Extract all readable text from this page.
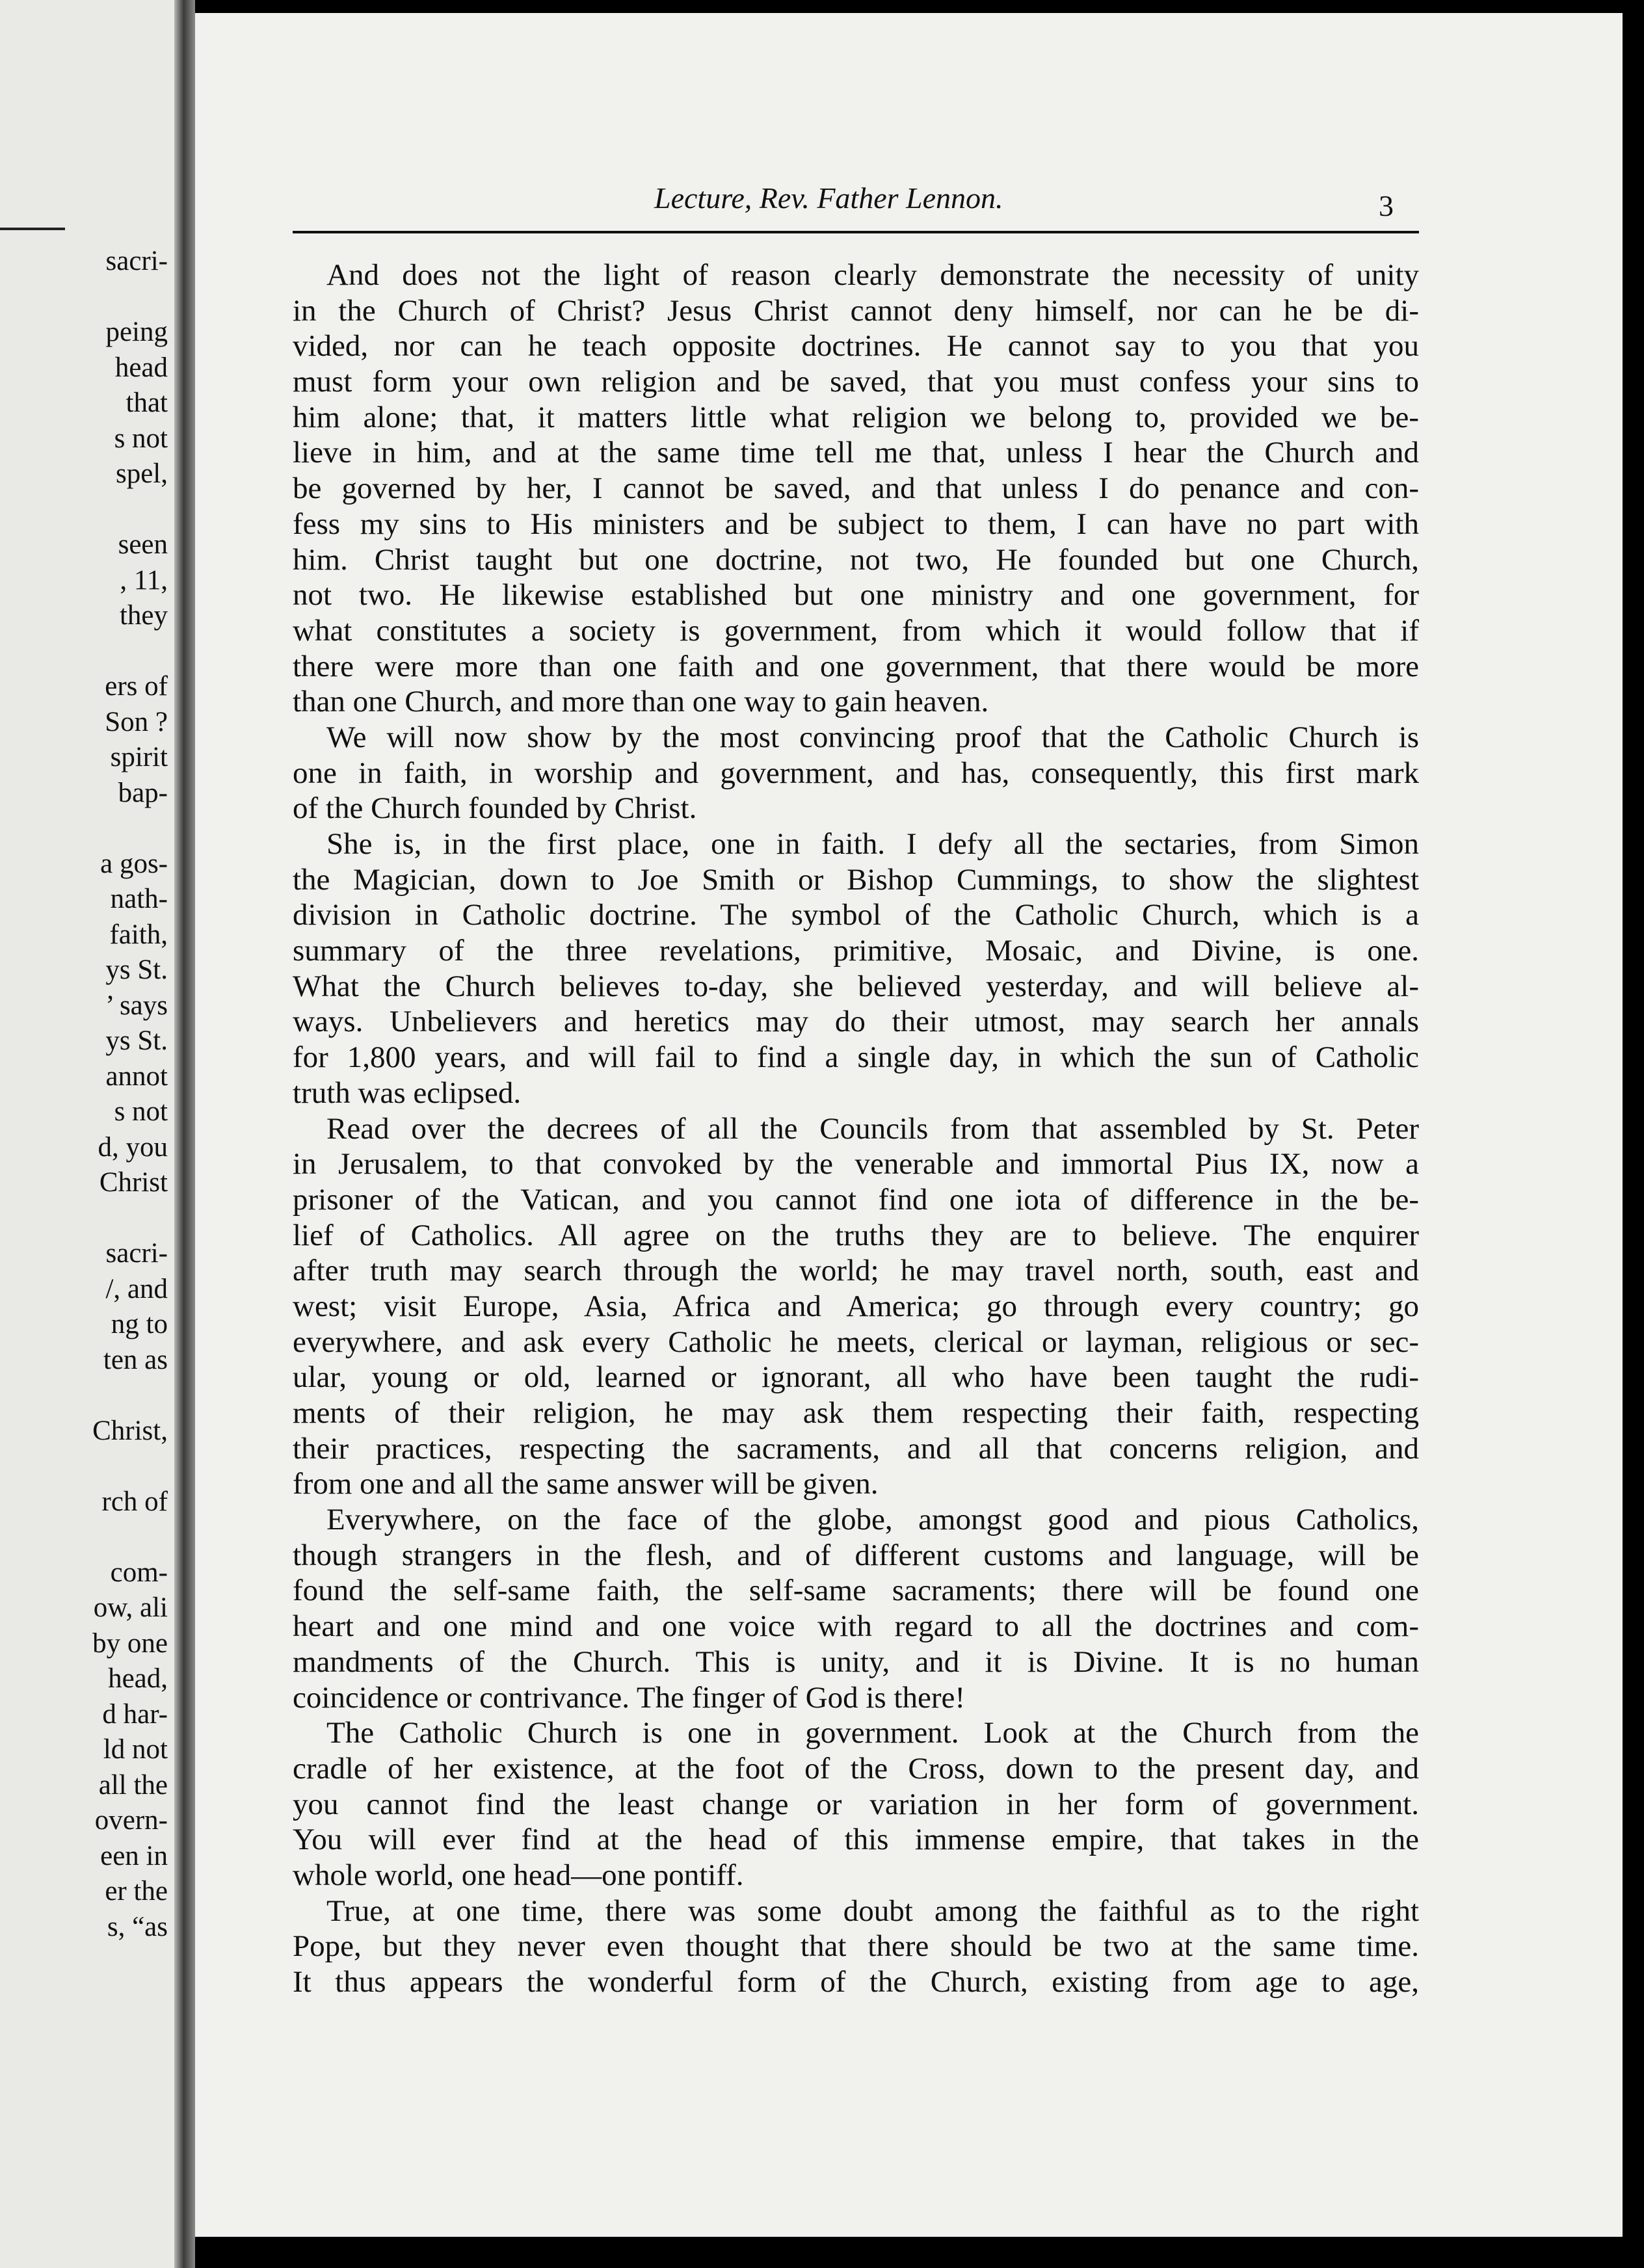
sacri-
peing
head
that
s not
spel,
seen
, 11,
they
ers of
Son ?
spirit
bap-
a gos-
nath-
faith,
ys St.
’ says
ys St.
annot
s not
d, you
Christ
sacri-
/, and
ng to
ten as
Christ,
rch of
com-
ow, ali
by one
head,
d har-
ld not
all the
overn-
een in
er the
s, “as
Lecture, Rev. Father Lennon.	3
And does not the light of reason clearly demonstrate the necessity of unity
in the Church of Christ? Jesus Christ cannot deny himself, nor can he be di-
vided, nor can he teach opposite doctrines. He cannot say to you that you
must form your own religion and be saved, that you must confess your sins to
him alone; that, it matters little what religion we belong to, provided we be-
lieve in him, and at the same time tell me that, unless I hear the Church and
be governed by her, I cannot be saved, and that unless I do penance and con-
fess my sins to His ministers and be subject to them, I can have no part with
him. Christ taught but one doctrine, not two, He founded but one Church,
not two. He likewise established but one ministry and one government, for
what constitutes a society is government, from which it would follow that if
there were more than one faith and one government, that there would be more
than one Church, and more than one way to gain heaven.
We will now show by the most convincing proof that the Catholic Church is
one in faith, in worship and government, and has, consequently, this first mark
of the Church founded by Christ.
She is, in the first place, one in faith. I defy all the sectaries, from Simon
the Magician, down to Joe Smith or Bishop Cummings, to show the slightest
division in Catholic doctrine. The symbol of the Catholic Church, which is a
summary of the three revelations, primitive, Mosaic, and Divine, is one.
What the Church believes to-day, she believed yesterday, and will believe al-
ways. Unbelievers and heretics may do their utmost, may search her annals
for 1,800 years, and will fail to find a single day, in which the sun of Catholic
truth was eclipsed.
Read over the decrees of all the Councils from that assembled by St. Peter
in Jerusalem, to that convoked by the venerable and immortal Pius IX, now a
prisoner of the Vatican, and you cannot find one iota of difference in the be-
lief of Catholics. All agree on the truths they are to believe. The enquirer
after truth may search through the world; he may travel north, south, east and
west; visit Europe, Asia, Africa and America; go through every country; go
everywhere, and ask every Catholic he meets, clerical or layman, religious or sec-
ular, young or old, learned or ignorant, all who have been taught the rudi-
ments of their religion, he may ask them respecting their faith, respecting
their practices, respecting the sacraments, and all that concerns religion, and
from one and all the same answer will be given.
Everywhere, on the face of the globe, amongst good and pious Catholics,
though strangers in the flesh, and of different customs and language, will be
found the self-same faith, the self-same sacraments; there will be found one
heart and one mind and one voice with regard to all the doctrines and com-
mandments of the Church. This is unity, and it is Divine. It is no human
coincidence or contrivance. The finger of God is there!
The Catholic Church is one in government. Look at the Church from the
cradle of her existence, at the foot of the Cross, down to the present day, and
you cannot find the least change or variation in her form of government.
You will ever find at the head of this immense empire, that takes in the
whole world, one head—one pontiff.
True, at one time, there was some doubt among the faithful as to the right
Pope, but they never even thought that there should be two at the same time.
It thus appears the wonderful form of the Church, existing from age to age,
